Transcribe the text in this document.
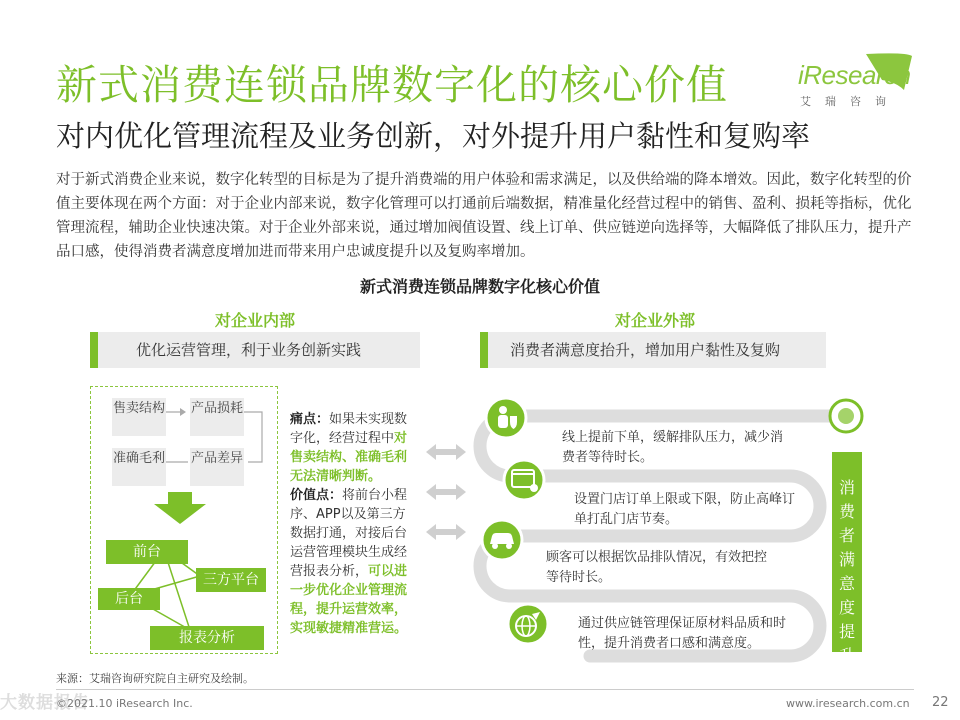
新式消费连锁品牌数字化的核心价值
对内优化管理流程及业务创新，对外提升用户黏性和复购率
iResearch
艾瑞咨询
对于新式消费企业来说，数字化转型的目标是为了提升消费端的用户体验和需求满足，以及供给端的降本增效。因此，数字化转型的价值主要体现在两个方面：对于企业内部来说，数字化管理可以打通前后端数据，精准量化经营过程中的销售、盈利、损耗等指标，优化管理流程，辅助企业快速决策。对于企业外部来说，通过增加阀值设置、线上订单、供应链逆向选择等，大幅降低了排队压力，提升产品口感，使得消费者满意度增加进而带来用户忠诚度提升以及复购率增加。
新式消费连锁品牌数字化核心价值
对企业内部	对企业外部
优化运营管理，利于业务创新实践	消费者满意度抬升，增加用户黏性及复购
售卖结构 产品损耗
准确毛利 产品差异
前台
后台
三方平台
报表分析
痛点：如果未实现数字化，经营过程中对售卖结构、准确毛利无法清晰判断。
价值点：将前台小程序、APP以及第三方数据打通，对接后台运营管理模块生成经营报表分析，可以进一步优化企业管理流程，提升运营效率，实现敏捷精准营运。
线上提前下单，缓解排队压力，减少消费者等待时长。
设置门店订单上限或下限，防止高峰订单打乱门店节奏。
顾客可以根据饮品排队情况，有效把控等待时长。
通过供应链管理保证原材料品质和时性，提升消费者口感和满意度。
消
费
者
满
意
度
提
升
来源：艾瑞咨询研究院自主研究及绘制。
大数据报告
©2021.10 iResearch Inc.	www.iresearch.com.cn 22
